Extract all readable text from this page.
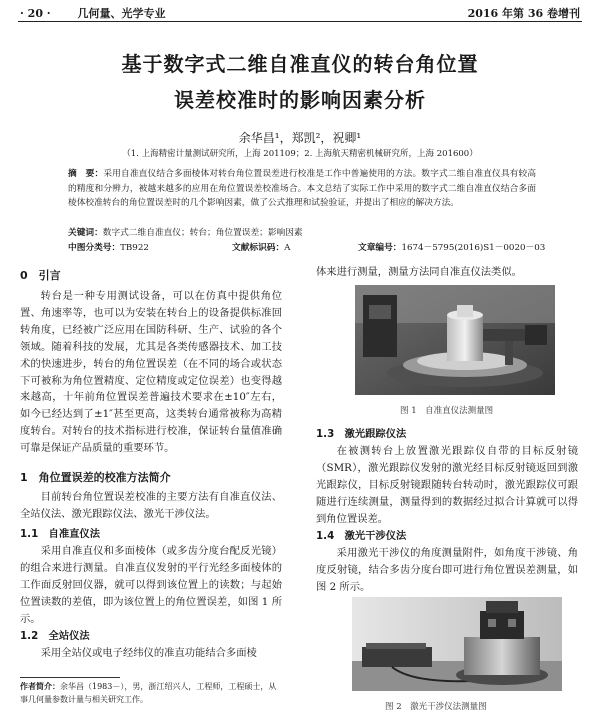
· 20 · 几何量、光学专业	2016 年第 36 卷增刊
基于数字式二维自准直仪的转台角位置
误差校准时的影响因素分析
余华昌¹，郑凯²，祝卿¹
（1. 上海精密计量测试研究所，上海 201109；2. 上海航天精密机械研究所，上海 201600）
摘　要：采用自准直仪结合多面棱体对转台角位置误差进行校准是工作中普遍使用的方法。数字式二维自准直仪具有较高的精度和分辨力，被越来越多的应用在角位置误差校准场合。本文总结了实际工作中采用的数字式二维自准直仪结合多面棱体校准转台的角位置误差时的几个影响因素，做了公式推理和试验验证，并提出了相应的解决方法。
关键词：数字式二维自准直仪；转台；角位置误差；影响因素
中图分类号：TB922	文献标识码：A	文章编号：1674－5795(2016)S1－0020－03
0　引言

转台是一种专用测试设备，可以在仿真中提供角位置、角速率等，也可以为安装在转台上的设备提供标准回转角度，已经被广泛应用在国防科研、生产、试验的各个领域。随着科技的发展，尤其是各类传感器技术、加工技术的快速进步，转台的角位置误差（在不同的场合或状态下可被称为角位置精度、定位精度或定位误差）也变得越来越高，十年前角位置误差普遍技术要求在±10″左右，如今已经达到了±1″甚至更高，这类转台通常被称为高精度转台。对转台的技术指标进行校准，保证转台量值准确可靠是保证产品质量的重要环节。

1　角位置误差的校准方法简介

目前转台角位置误差校准的主要方法有自准直仪法、全站仪法、激光跟踪仪法、激光干涉仪法。

1.1　自准直仪法

采用自准直仪和多面棱体（或多齿分度台配反光镜）的组合来进行测量。自准直仪发射的平行光经多面棱体的工作面反射回仪器，就可以得到该位置上的读数；与起始位置读数的差值，即为该位置上的角位置误差，如图 1 所示。

1.2　全站仪法

采用全站仪或电子经纬仪的准直功能结合多面棱

作者简介：余华昌（1983－），男，浙江绍兴人，工程师，工程硕士，从事几何量参数计量与相关研究工作。
体来进行测量，测量方法同自准直仪法类似。
图 1　自准直仪法测量图
1.3　激光跟踪仪法

在被测转台上放置激光跟踪仪自带的目标反射镜（SMR），激光跟踪仪发射的激光经目标反射镜返回到激光跟踪仪，目标反射镜跟随转台转动时，激光跟踪仪可跟随进行连续测量，测量得到的数据经过拟合计算就可以得到角位置误差。

1.4　激光干涉仪法

采用激光干涉仪的角度测量附件，如角度干涉镜、角度反射镜，结合多齿分度台即可进行角位置误差测量，如图 2 所示。

图 2　激光干涉仪法测量图
